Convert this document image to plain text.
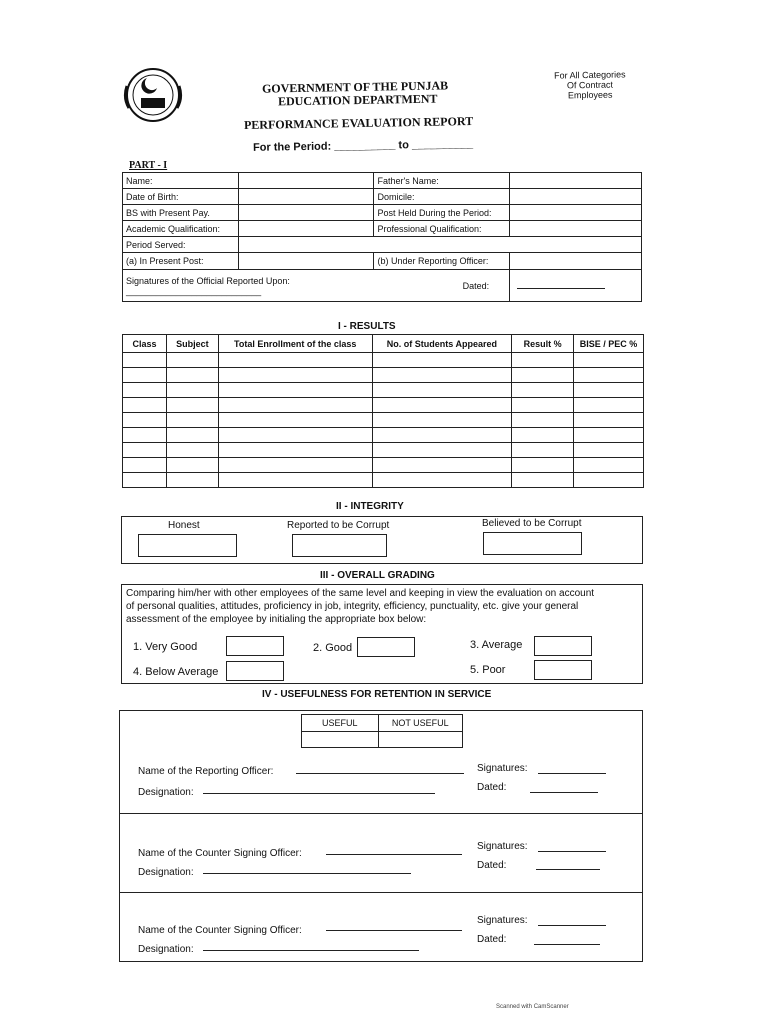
GOVERNMENT OF THE PUNJAB
EDUCATION DEPARTMENT
PERFORMANCE EVALUATION REPORT
For the Period: __________ to __________
For All Categories
Of Contract
Employees
PART - I
Name:		Father's Name:	
Date of Birth:		Domicile:	
BS with Present Pay.		Post Held During the Period:	
Academic Qualification:		Professional Qualification:	
Period Served:			
(a) In Present Post:		(b) Under Reporting Officer:	
Signatures of the Official Reported Upon: ___________________________		Dated:	
I - RESULTS
Class	Subject	Total Enrollment of the class	No. of Students Appeared	Result %	BISE / PEC %

II - INTEGRITY
Honest	Reported to be Corrupt	Believed to be Corrupt
III - OVERALL GRADING
Comparing him/her with other employees of the same level and keeping in view the evaluation on account
of personal qualities, attitudes, proficiency in job, integrity, efficiency, punctuality, etc. give your general
assessment of the employee by initialing the appropriate box below:
1. Very Good	2. Good	3. Average
4. Below Average	5. Poor
IV - USEFULNESS FOR RETENTION IN SERVICE
USEFUL	NOT USEFUL

Name of the Reporting Officer:
Designation:
Signatures:
Dated:
Name of the Counter Signing Officer:
Designation:
Signatures:
Dated:
Name of the Counter Signing Officer:
Designation:
Signatures:
Dated:
Scanned with CamScanner
